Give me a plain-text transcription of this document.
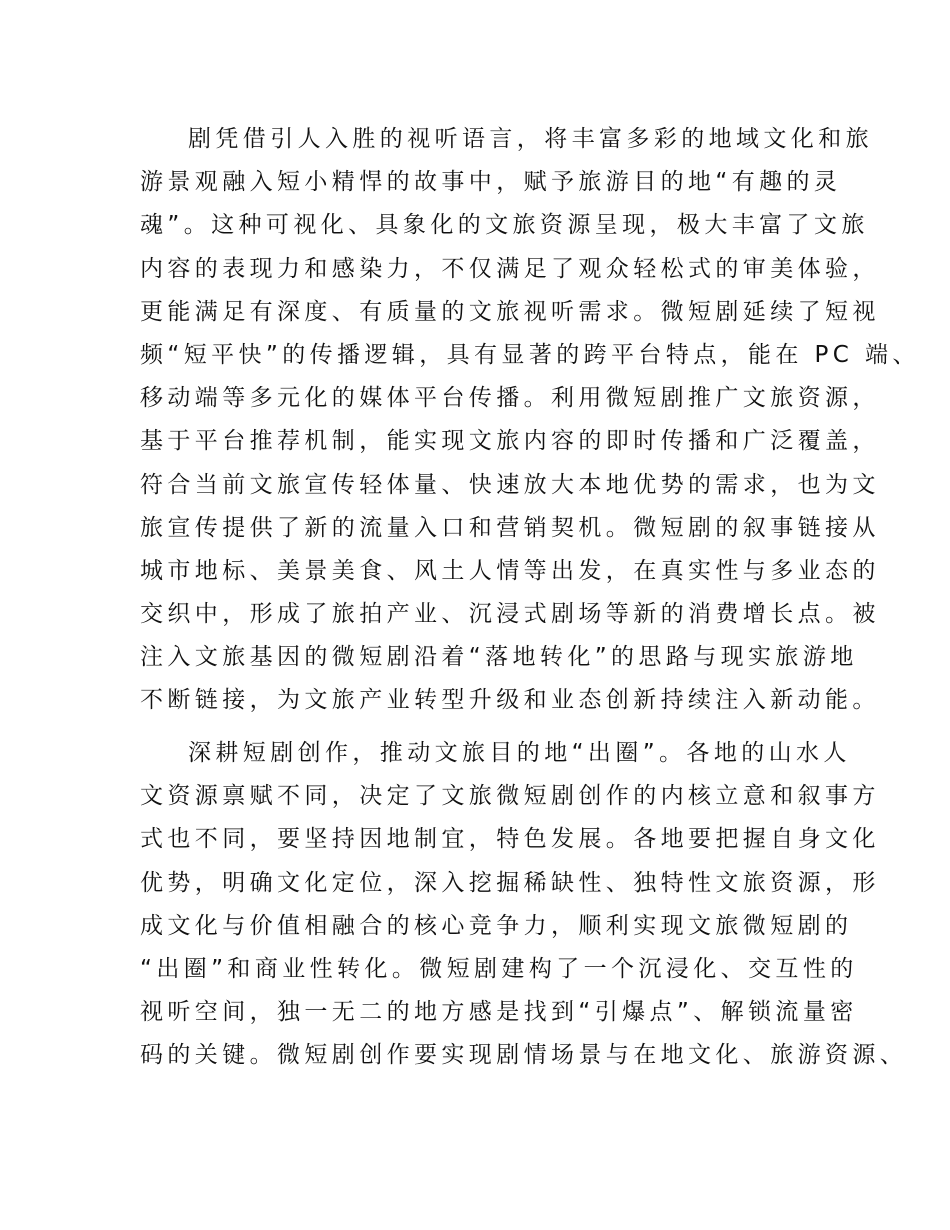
剧凭借引人入胜的视听语言，将丰富多彩的地域文化和旅
游景观融入短小精悍的故事中，赋予旅游目的地“有趣的灵
魂”。这种可视化、具象化的文旅资源呈现，极大丰富了文旅
内容的表现力和感染力，不仅满足了观众轻松式的审美体验，
更能满足有深度、有质量的文旅视听需求。微短剧延续了短视
频“短平快”的传播逻辑，具有显著的跨平台特点，能在 PC 端、
移动端等多元化的媒体平台传播。利用微短剧推广文旅资源，
基于平台推荐机制，能实现文旅内容的即时传播和广泛覆盖，
符合当前文旅宣传轻体量、快速放大本地优势的需求，也为文
旅宣传提供了新的流量入口和营销契机。微短剧的叙事链接从
城市地标、美景美食、风土人情等出发，在真实性与多业态的
交织中，形成了旅拍产业、沉浸式剧场等新的消费增长点。被
注入文旅基因的微短剧沿着“落地转化”的思路与现实旅游地
不断链接，为文旅产业转型升级和业态创新持续注入新动能。
深耕短剧创作，推动文旅目的地“出圈”。各地的山水人
文资源禀赋不同，决定了文旅微短剧创作的内核立意和叙事方
式也不同，要坚持因地制宜，特色发展。各地要把握自身文化
优势，明确文化定位，深入挖掘稀缺性、独特性文旅资源，形
成文化与价值相融合的核心竞争力，顺利实现文旅微短剧的
“出圈”和商业性转化。微短剧建构了一个沉浸化、交互性的
视听空间，独一无二的地方感是找到“引爆点”、解锁流量密
码的关键。微短剧创作要实现剧情场景与在地文化、旅游资源、
